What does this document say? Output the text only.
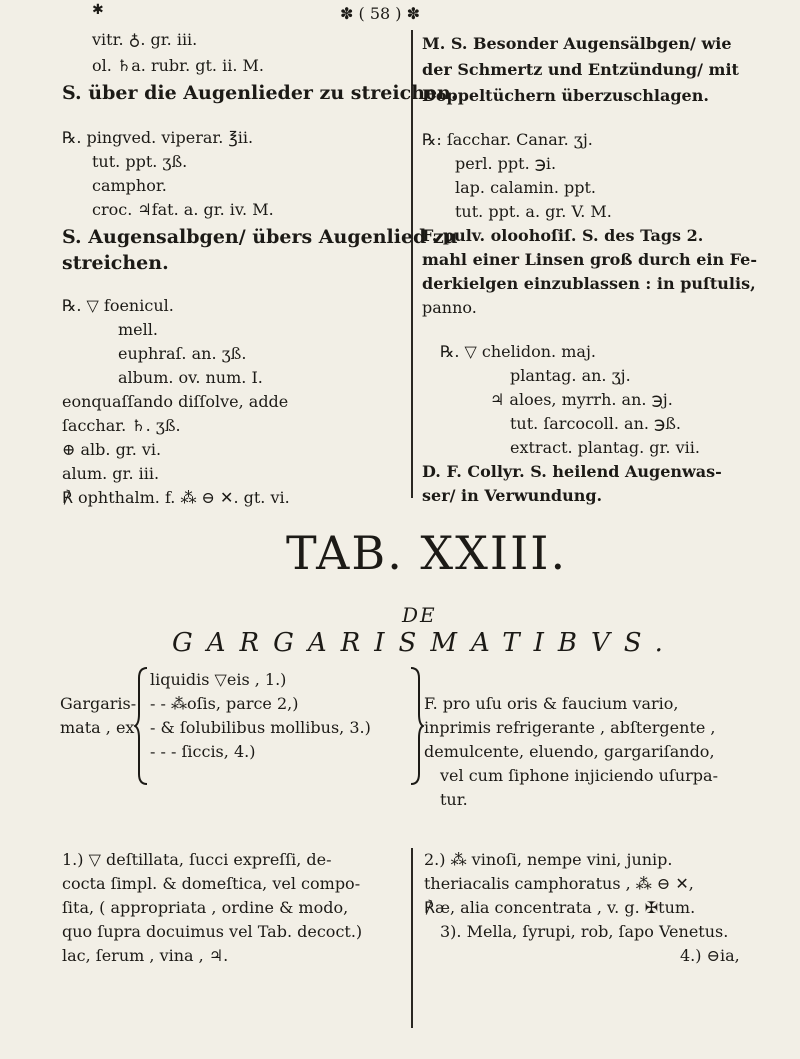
✱	✽ ( 58 ) ✽
vitr. ♁. gr. iii.
ol. ♄a. rubr. gt. ii. M.
S. über die Augenlieder zu streichen.
℞. pingved. viperar. ℥ii.
tut. ppt. ʒß.
camphor.
croc. ♃fat. a. gr. iv. M.
S. Augensalbgen/ übers Augenlied zu
streichen.
℞. ▽ foenicul.
mell.
euphraſ. an. ʒß.
album. ov. num. I.
eonquaſſando diſſolve, adde
ſacchar. ♄. ʒß.
⊕ alb. gr. vi.
alum. gr. iii.
℟ ophthalm. f. ⁂ ⊖ ✕. gt. vi.
M. S. Besonder Augensälbgen/ wie
der Schmertz und Entzündung/ mit
Doppeltüchern überzuschlagen.
℞: ſacchar. Canar. ʒj.
perl. ppt. ℈i.
lap. calamin. ppt.
tut. ppt. a. gr. V. M.
F. pulv. oloohoſiſ. S. des Tags 2.
mahl einer Linsen groß durch ein Fe-
derkielgen einzublassen : in puſtulis,
panno.
℞. ▽ chelidon. maj.
plantag. an. ʒj.
♃ aloes, myrrh. an. ℈j.
tut. ſarcocoll. an. ℈ß.
extract. plantag. gr. vii.
D. F. Collyr. S. heilend Augenwas-
ser/ in Verwundung.
TAB. XXIII.
DE
GARGARISMATIBVS.
Gargaris-
mata , ex
liquidis ▽eis , 1.)
- - ⁂oſis, parce 2,)
- & ſolubilibus mollibus, 3.)
- - - ſiccis, 4.)
F. pro uſu oris & faucium vario,
inprimis refrigerante , abſtergente ,
demulcente, eluendo, gargariſando,
vel cum ſiphone injiciendo uſurpa-
tur.
1.) ▽ deſtillata, ſucci expreſſi, de-
cocta ſimpl. & domeſtica, vel compo-
ſita, ( appropriata , ordine & modo,
quo ſupra docuimus vel Tab. decoct.)
lac, ſerum , vina , ♃.
2.) ⁂ vinoſi, nempe vini, junip.
theriacalis camphoratus , ⁂ ⊖ ✕,
℟æ, alia concentrata , v. g. ✠tum.
3). Mella, ſyrupi, rob, ſapo Venetus.
4.) ⊖ia,
